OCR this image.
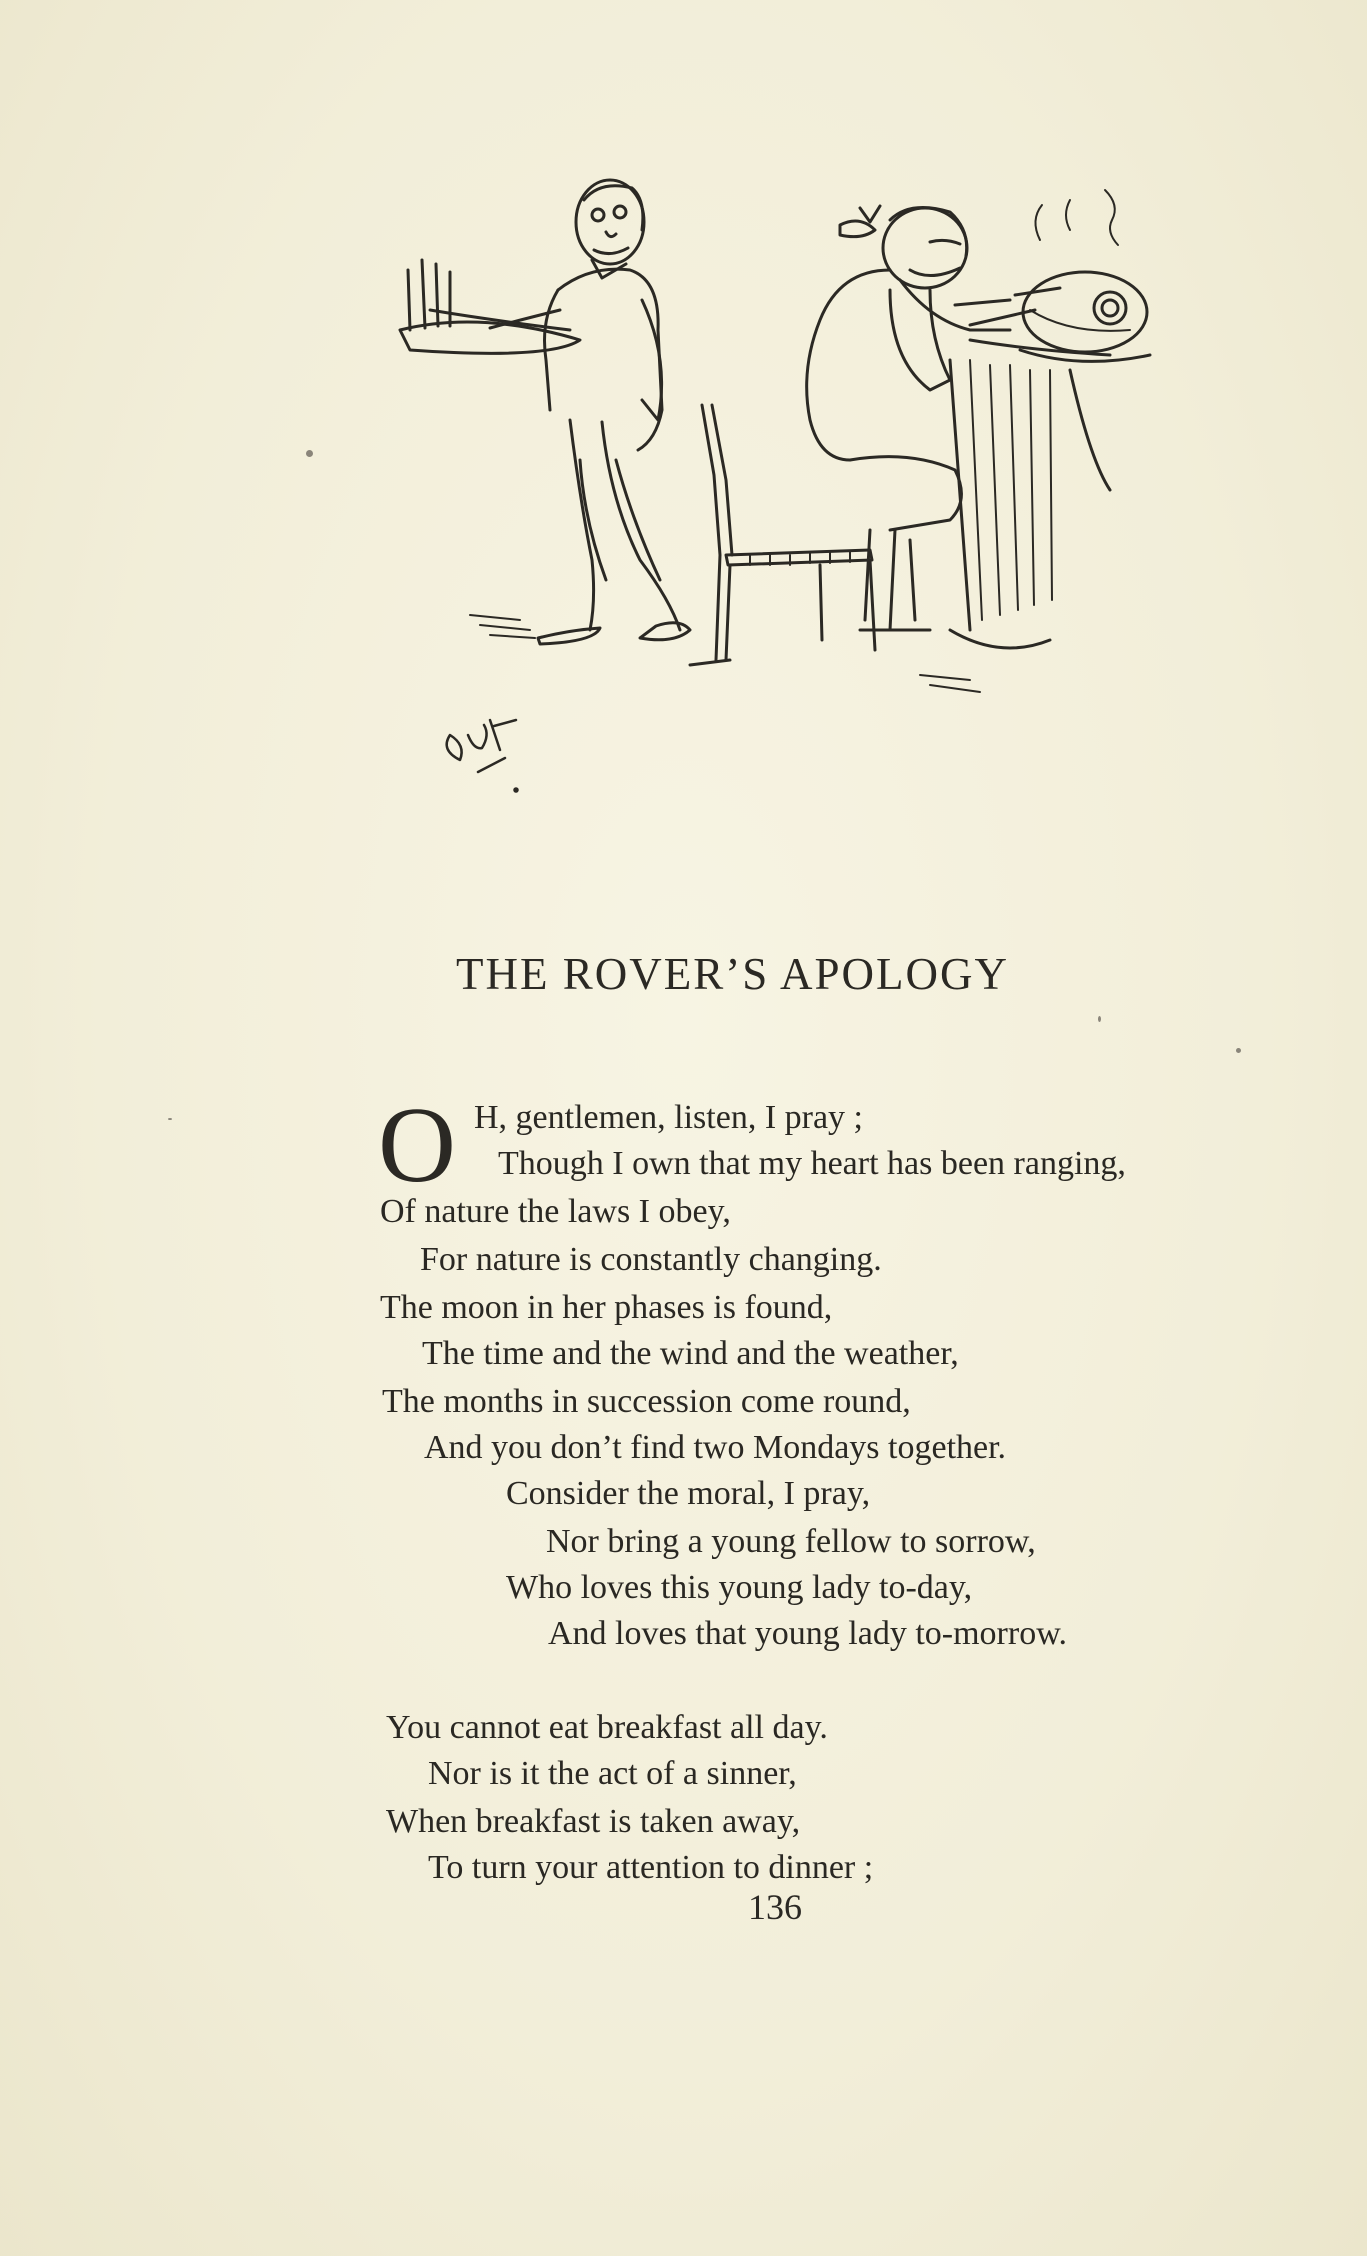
THE ROVER’S APOLOGY
O H, gentlemen, listen, I pray ;
Though I own that my heart has been ranging,
Of nature the laws I obey,
For nature is constantly changing.
The moon in her phases is found,
The time and the wind and the weather,
The months in succession come round,
And you don’t find two Mondays together.
Consider the moral, I pray,
Nor bring a young fellow to sorrow,
Who loves this young lady to-day,
And loves that young lady to-morrow.
You cannot eat breakfast all day.
Nor is it the act of a sinner,
When breakfast is taken away,
To turn your attention to dinner ;
136
